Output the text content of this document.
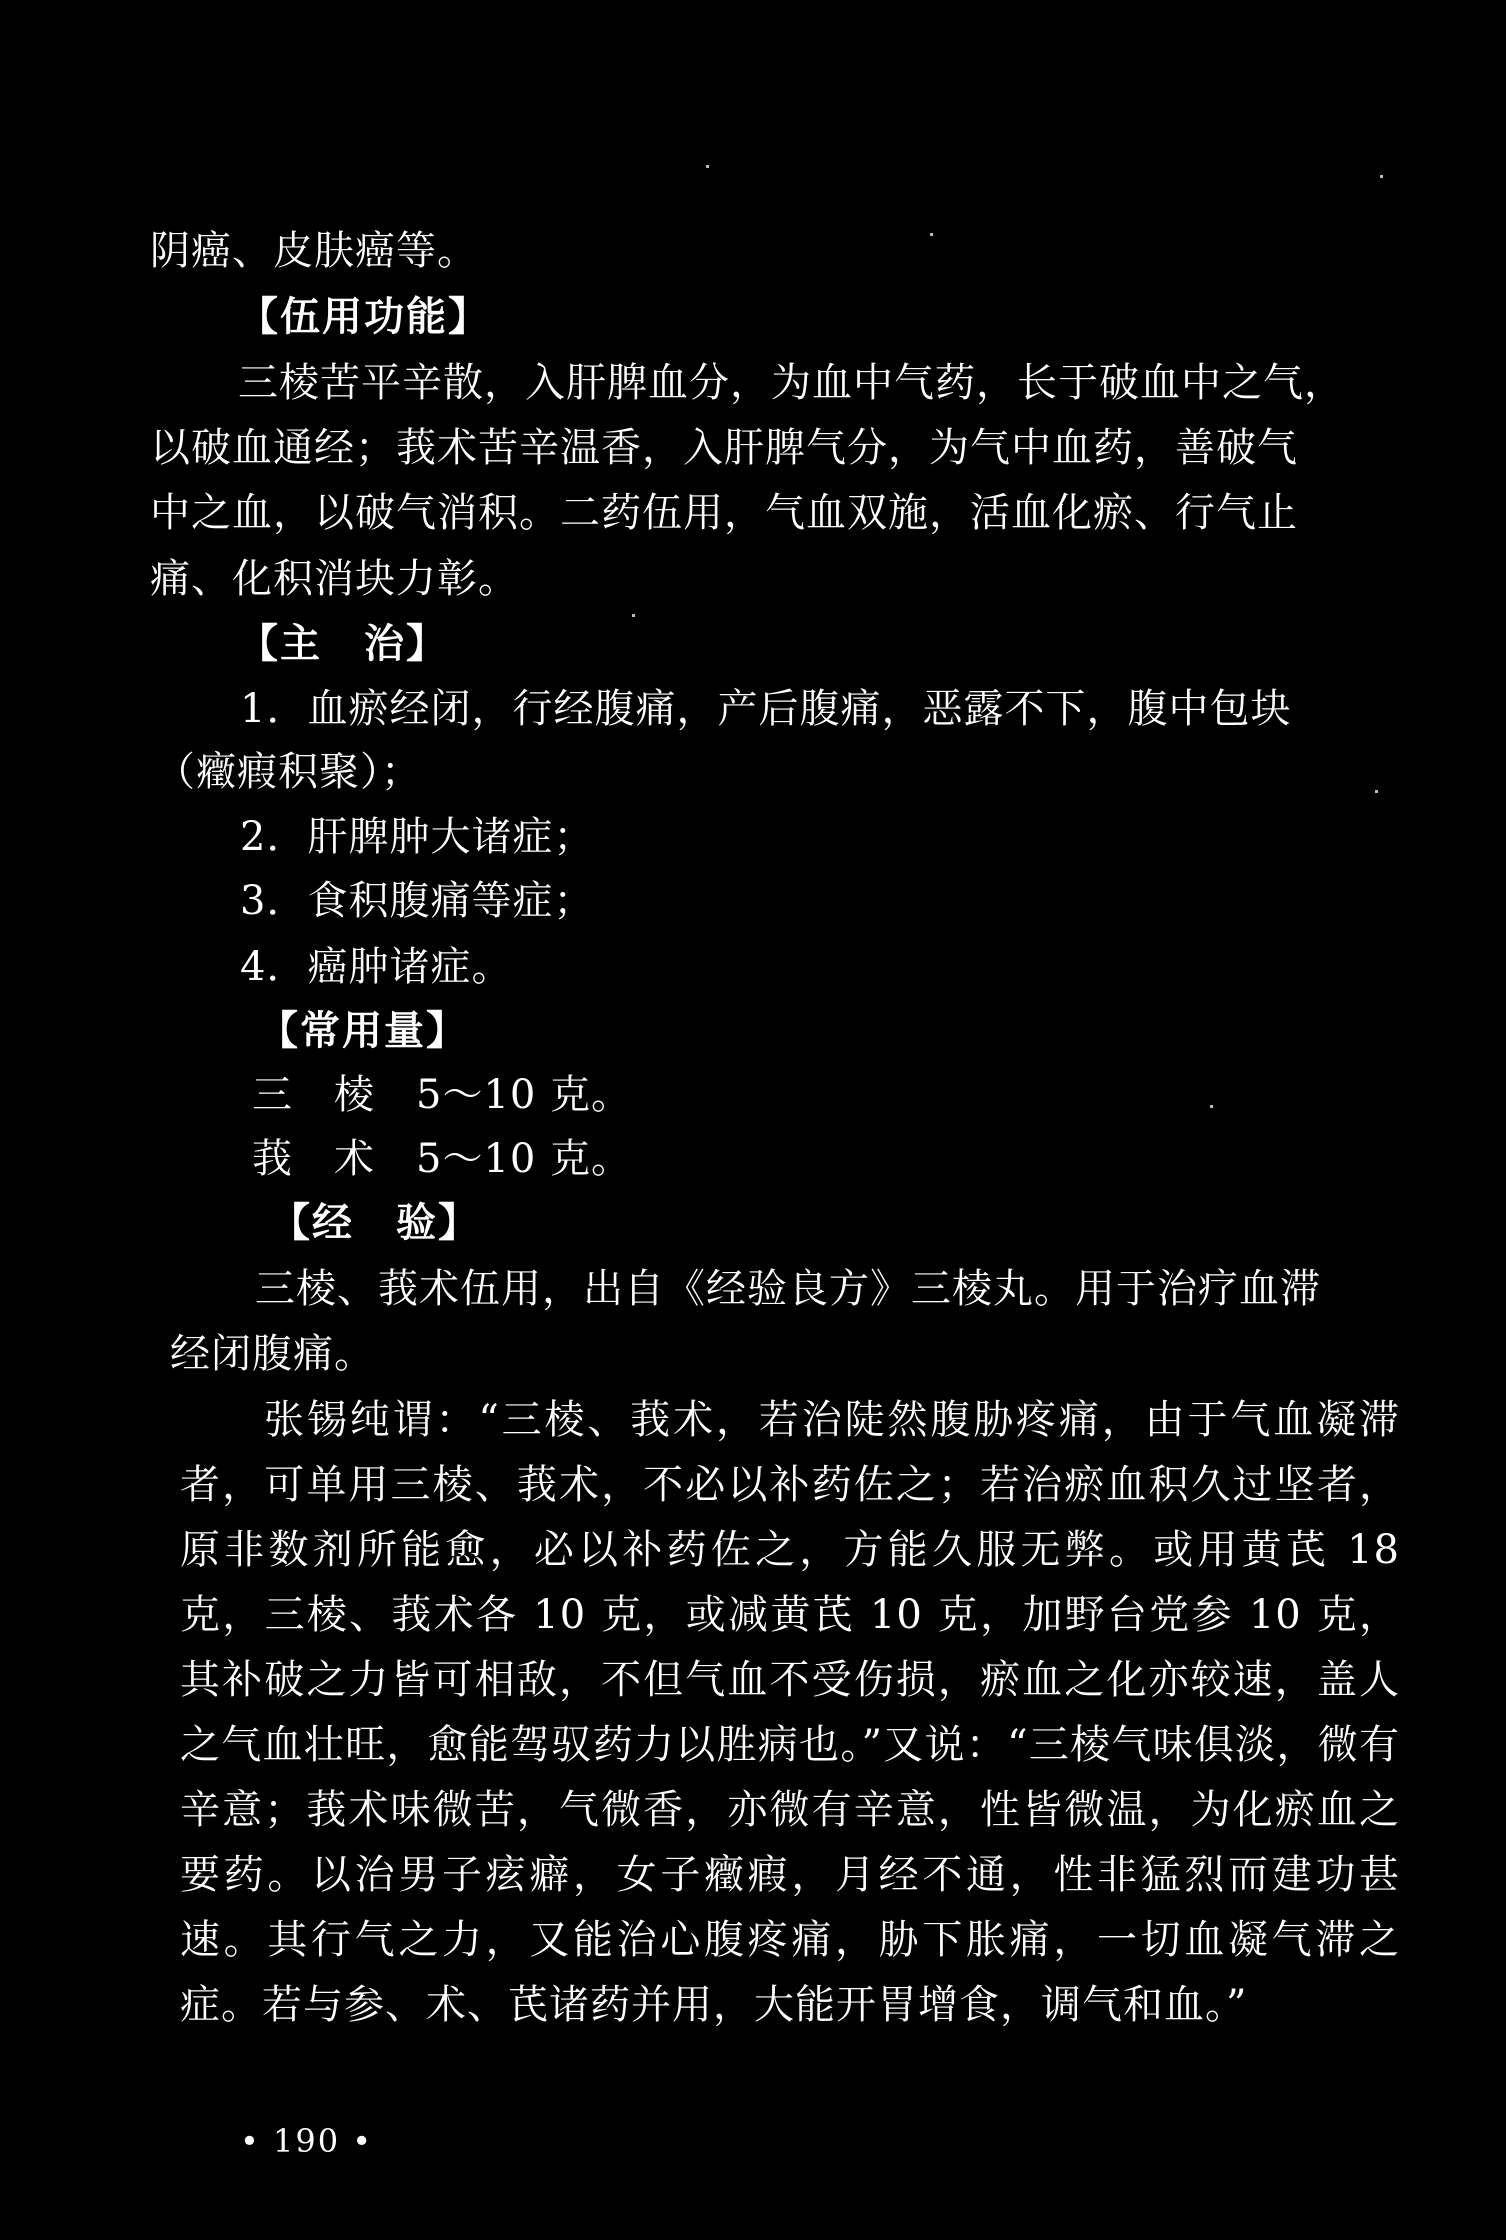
阴癌、皮肤癌等。
【伍用功能】
三棱苦平辛散，入肝脾血分，为血中气药，长于破血中之气，
以破血通经；莪术苦辛温香，入肝脾气分，为气中血药，善破气
中之血，以破气消积。二药伍用，气血双施，活血化瘀、行气止
痛、化积消块力彰。
【主　治】
1．血瘀经闭，行经腹痛，产后腹痛，恶露不下，腹中包块
（癥瘕积聚）；
2．肝脾肿大诸症；
3．食积腹痛等症；
4．癌肿诸症。
【常用量】
三　棱　5～10 克。
莪　术　5～10 克。
【经　验】
三棱、莪术伍用，出自《经验良方》三棱丸。用于治疗血滞
经闭腹痛。
张锡纯谓：“三棱、莪术，若治陡然腹胁疼痛，由于气血凝滞者，可单用三棱、莪术，不必以补药佐之；若治瘀血积久过坚者，原非数剂所能愈，必以补药佐之，方能久服无弊。或用黄芪 18 克，三棱、莪术各 10 克，或减黄芪 10 克，加野台党参 10 克，其补破之力皆可相敌，不但气血不受伤损，瘀血之化亦较速，盖人之气血壮旺，愈能驾驭药力以胜病也。”又说：“三棱气味俱淡，微有辛意；莪术味微苦，气微香，亦微有辛意，性皆微温，为化瘀血之要药。以治男子痃癖，女子癥瘕，月经不通，性非猛烈而建功甚速。其行气之力，又能治心腹疼痛，胁下胀痛，一切血凝气滞之症。若与参、术、芪诸药并用，大能开胃增食，调气和血。”
• 190 •
